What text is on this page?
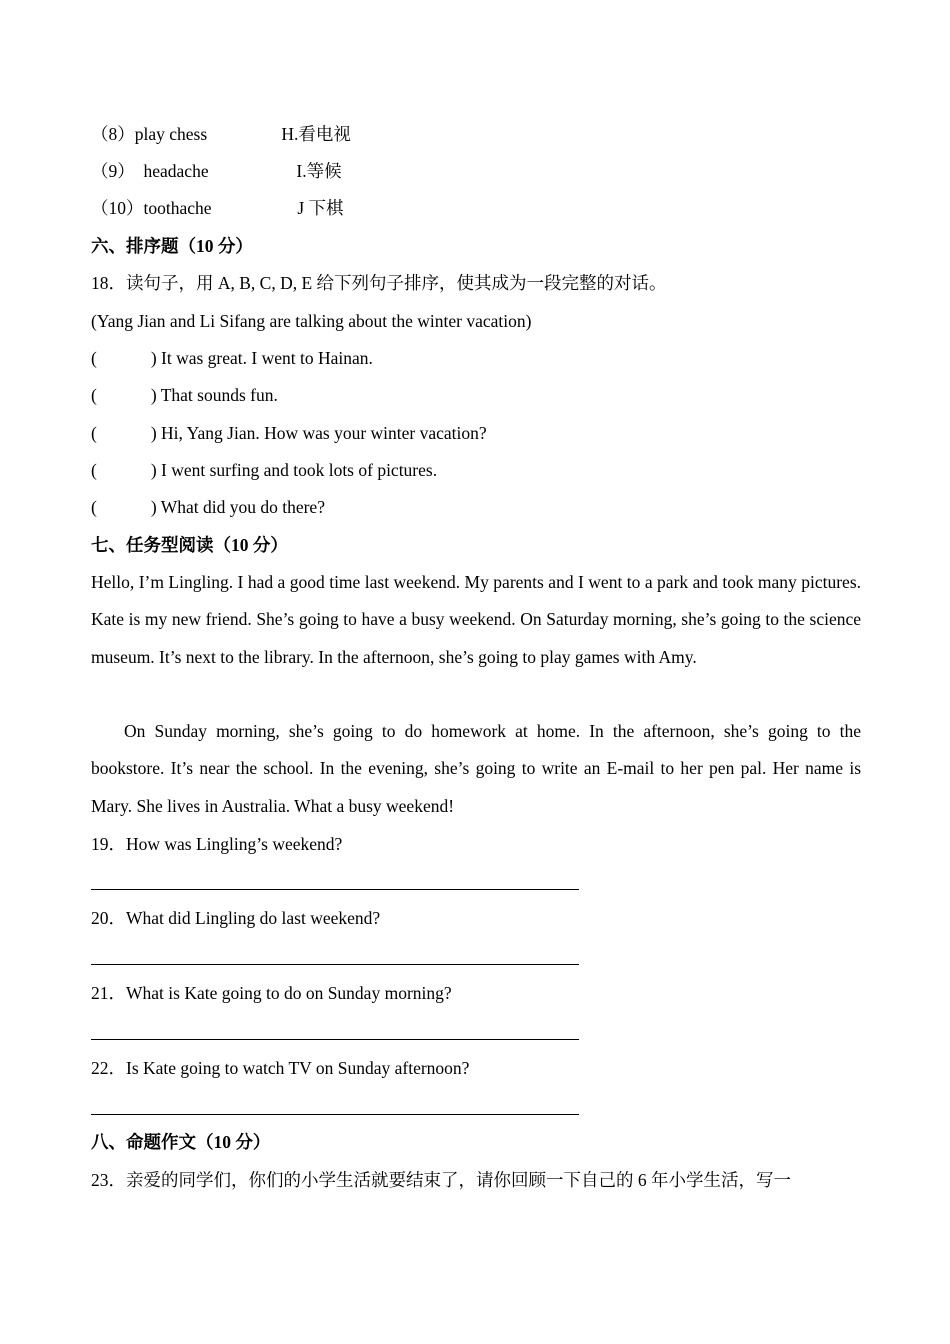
（8）play chess	H.看电视
（9）  headache	I.等候
（10）toothache	J 下棋
六、排序题（10 分）
18．读句子，用 A, B, C, D, E 给下列句子排序，使其成为一段完整的对话。
(Yang Jian and Li Sifang are talking about the winter vacation)
(	) It was great. I went to Hainan.
(	) That sounds fun.
(	) Hi, Yang Jian. How was your winter vacation?
(	) I went surfing and took lots of pictures.
(	) What did you do there?
七、任务型阅读（10 分）
Hello, I’m Lingling. I had a good time last weekend. My parents and I went to a park and took many pictures. Kate is my new friend. She’s going to have a busy weekend. On Saturday morning, she’s going to the science museum. It’s next to the library. In the afternoon, she’s going to play games with Amy.
On Sunday morning, she’s going to do homework at home. In the afternoon, she’s going to the bookstore. It’s near the school. In the evening, she’s going to write an E-mail to her pen pal. Her name is Mary. She lives in Australia. What a busy weekend!
19．How was Lingling’s weekend?
20．What did Lingling do last weekend?
21．What is Kate going to do on Sunday morning?
22．Is Kate going to watch TV on Sunday afternoon?
八、命题作文（10 分）
23．亲爱的同学们，你们的小学生活就要结束了，请你回顾一下自己的 6 年小学生活，写一
